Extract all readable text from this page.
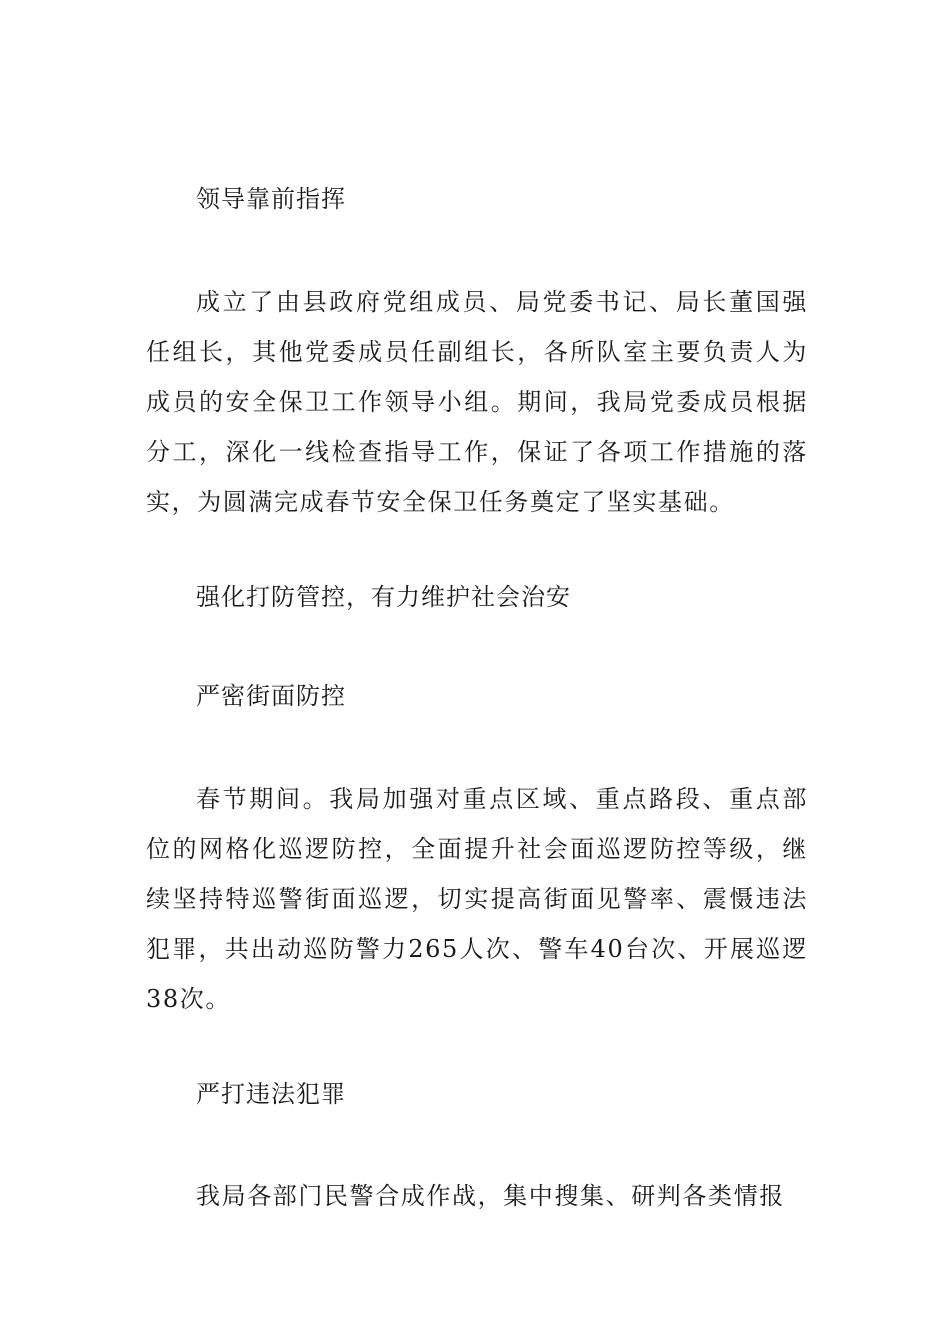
领导靠前指挥

成立了由县政府党组成员、局党委书记、局长董国强任组长，其他党委成员任副组长，各所队室主要负责人为成员的安全保卫工作领导小组。期间，我局党委成员根据分工，深化一线检查指导工作，保证了各项工作措施的落实，为圆满完成春节安全保卫任务奠定了坚实基础。

强化打防管控，有力维护社会治安
严密街面防控

春节期间。我局加强对重点区域、重点路段、重点部位的网格化巡逻防控，全面提升社会面巡逻防控等级，继续坚持特巡警街面巡逻，切实提高街面见警率、震慑违法犯罪，共出动巡防警力265人次、警车40台次、开展巡逻38次。

严打违法犯罪

我局各部门民警合成作战，集中搜集、研判各类情报
